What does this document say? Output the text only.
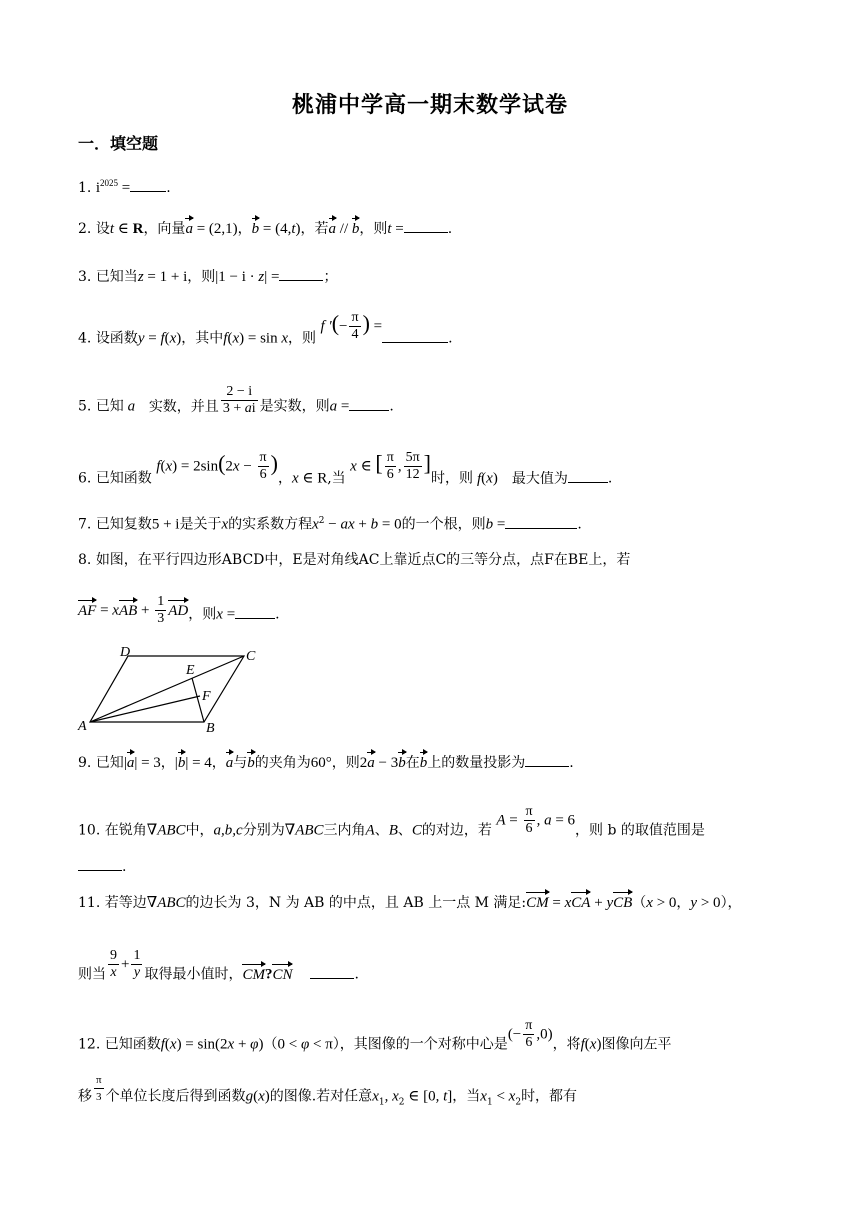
桃浦中学高一期末数学试卷
一．填空题
1. $i^{2025}$ =	.
2. 设t ∈ R，向量a = (2,1)，b = (4,t)，若a // b，则t =	.
3. 已知当z = 1 + i，则|1 − i · z| =	；
4. 设函数y = f(x)，其中f(x) = sin x，则 f ′(− $\frac{\pi}{4}$ ) =.
5. 已知 a 实数，并且 $\frac{2 - i}{3 + ai}$ 是实数，则a =	.
6. 已知函数 $f(x) = 2\sin(2x - \frac{\pi}{6}$ )，x ∈ R,当 x ∈ [ $\frac{\pi}{6}$ , $\frac{5\pi}{12}$ ]时，则 f(x) 最大值为	.
7. 已知复数5 + i是关于x的实系数方程$x^2$ − ax + b = 0的一个根，则b =	.
8. 如图，在平行四边形ABCD中，E是对角线AC上靠近点C的三等分点，点F在BE上，若
AF = xAB + $\frac{1}{3}$ AD，则x =	.
A	B
C
D
E
F
9. 已知|a| = 3，|b| = 4，a与b的夹角为60°，则2a − 3b在b上的数量投影为	.
10. 在锐角∇ABC中，a,b,c分别为∇ABC三内角A、B、C的对边，若 $A = \frac{\pi}{6}$ , a = 6，则 b 的取值范围是
.
11. 若等边∇ABC的边长为 3，N 为 AB 的中点，且 AB 上一点 M 满足:CM = xCA + yCB（x > 0，y > 0），
则当 $\frac{9}{x} + \frac{1}{y}$ 取得最小值时，CM?CN	.
12. 已知函数f(x) = sin(2x + φ)（0 < φ < π），其图像的一个对称中心是(− $\frac{\pi}{6} ,0$)，将f(x)图像向左平
移 $\frac{\pi}{3}$ 个单位长度后得到函数g(x)的图像.若对任意$x_1$, $x_2$ ∈ [0, t]，当$x_1 < x_2$时，都有
